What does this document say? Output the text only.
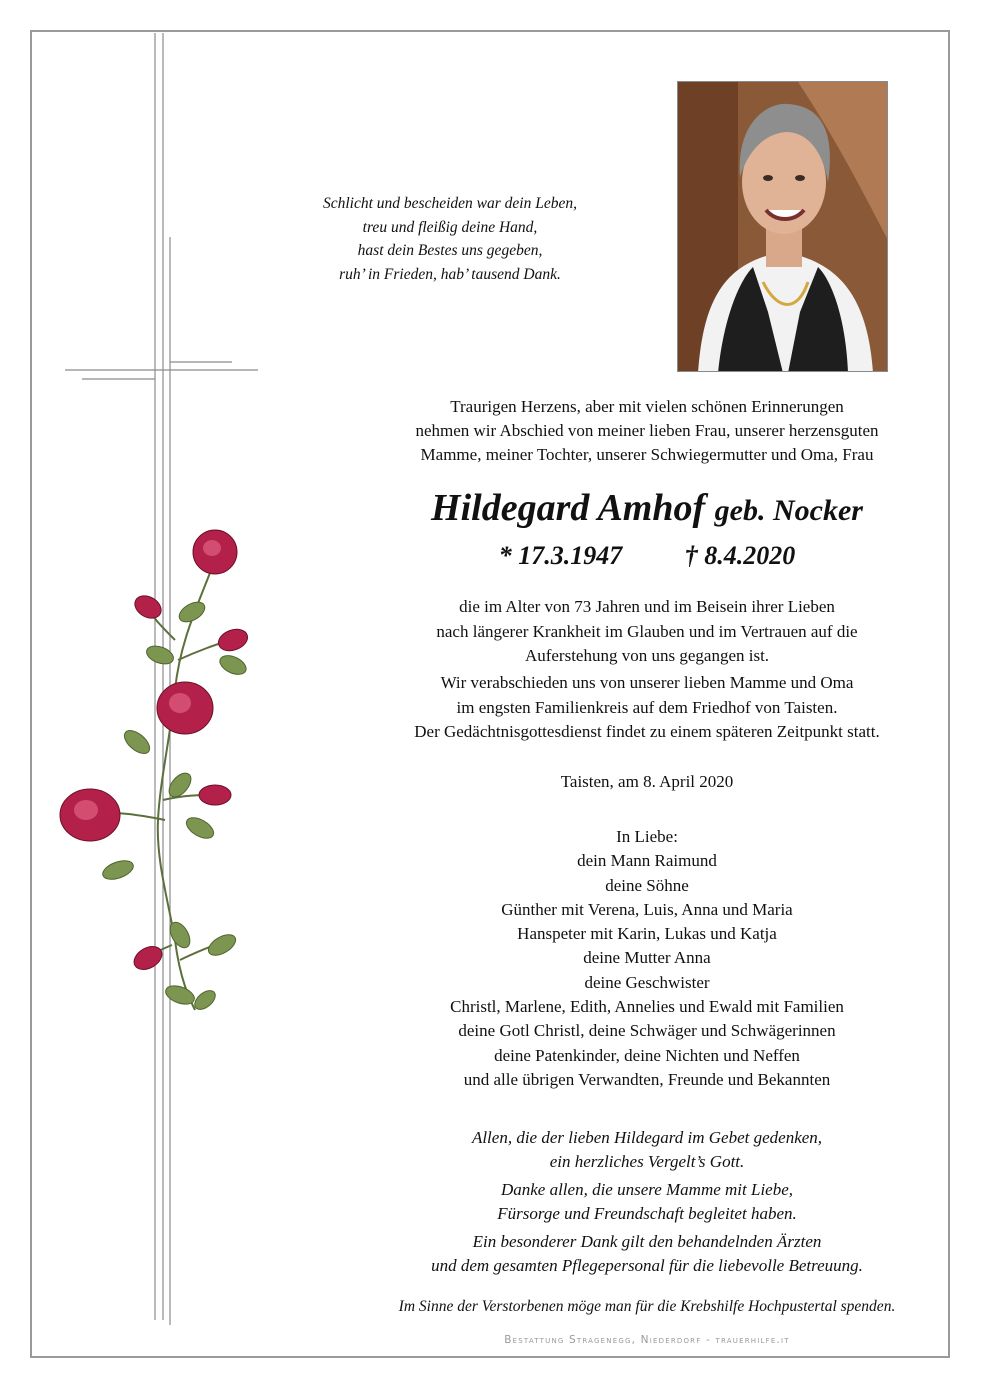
Schlicht und bescheiden war dein Leben,
treu und fleißig deine Hand,
hast dein Bestes uns gegeben,
ruh’ in Frieden, hab’ tausend Dank.
Traurigen Herzens, aber mit vielen schönen Erinnerungen
nehmen wir Abschied von meiner lieben Frau, unserer herzensguten
Mamme, meiner Tochter, unserer Schwiegermutter und Oma, Frau
Hildegard Amhof geb. Nocker
* 17.3.1947 † 8.4.2020
die im Alter von 73 Jahren und im Beisein ihrer Lieben
nach längerer Krankheit im Glauben und im Vertrauen auf die
Auferstehung von uns gegangen ist.
Wir verabschieden uns von unserer lieben Mamme und Oma
im engsten Familienkreis auf dem Friedhof von Taisten.
Der Gedächtnisgottesdienst findet zu einem späteren Zeitpunkt statt.
Taisten, am 8. April 2020
In Liebe:
dein Mann Raimund
deine Söhne
Günther mit Verena, Luis, Anna und Maria
Hanspeter mit Karin, Lukas und Katja
deine Mutter Anna
deine Geschwister
Christl, Marlene, Edith, Annelies und Ewald mit Familien
deine Gotl Christl, deine Schwäger und Schwägerinnen
deine Patenkinder, deine Nichten und Neffen
und alle übrigen Verwandten, Freunde und Bekannten

Allen, die der lieben Hildegard im Gebet gedenken,
ein herzliches Vergelt’s Gott.

Danke allen, die unsere Mamme mit Liebe,
Fürsorge und Freundschaft begleitet haben.

Ein besonderer Dank gilt den behandelnden Ärzten
und dem gesamten Pflegepersonal für die liebevolle Betreuung.

Im Sinne der Verstorbenen möge man für die Krebshilfe Hochpustertal spenden.
Bestattung Stragenegg, Niederdorf - trauerhilfe.it
